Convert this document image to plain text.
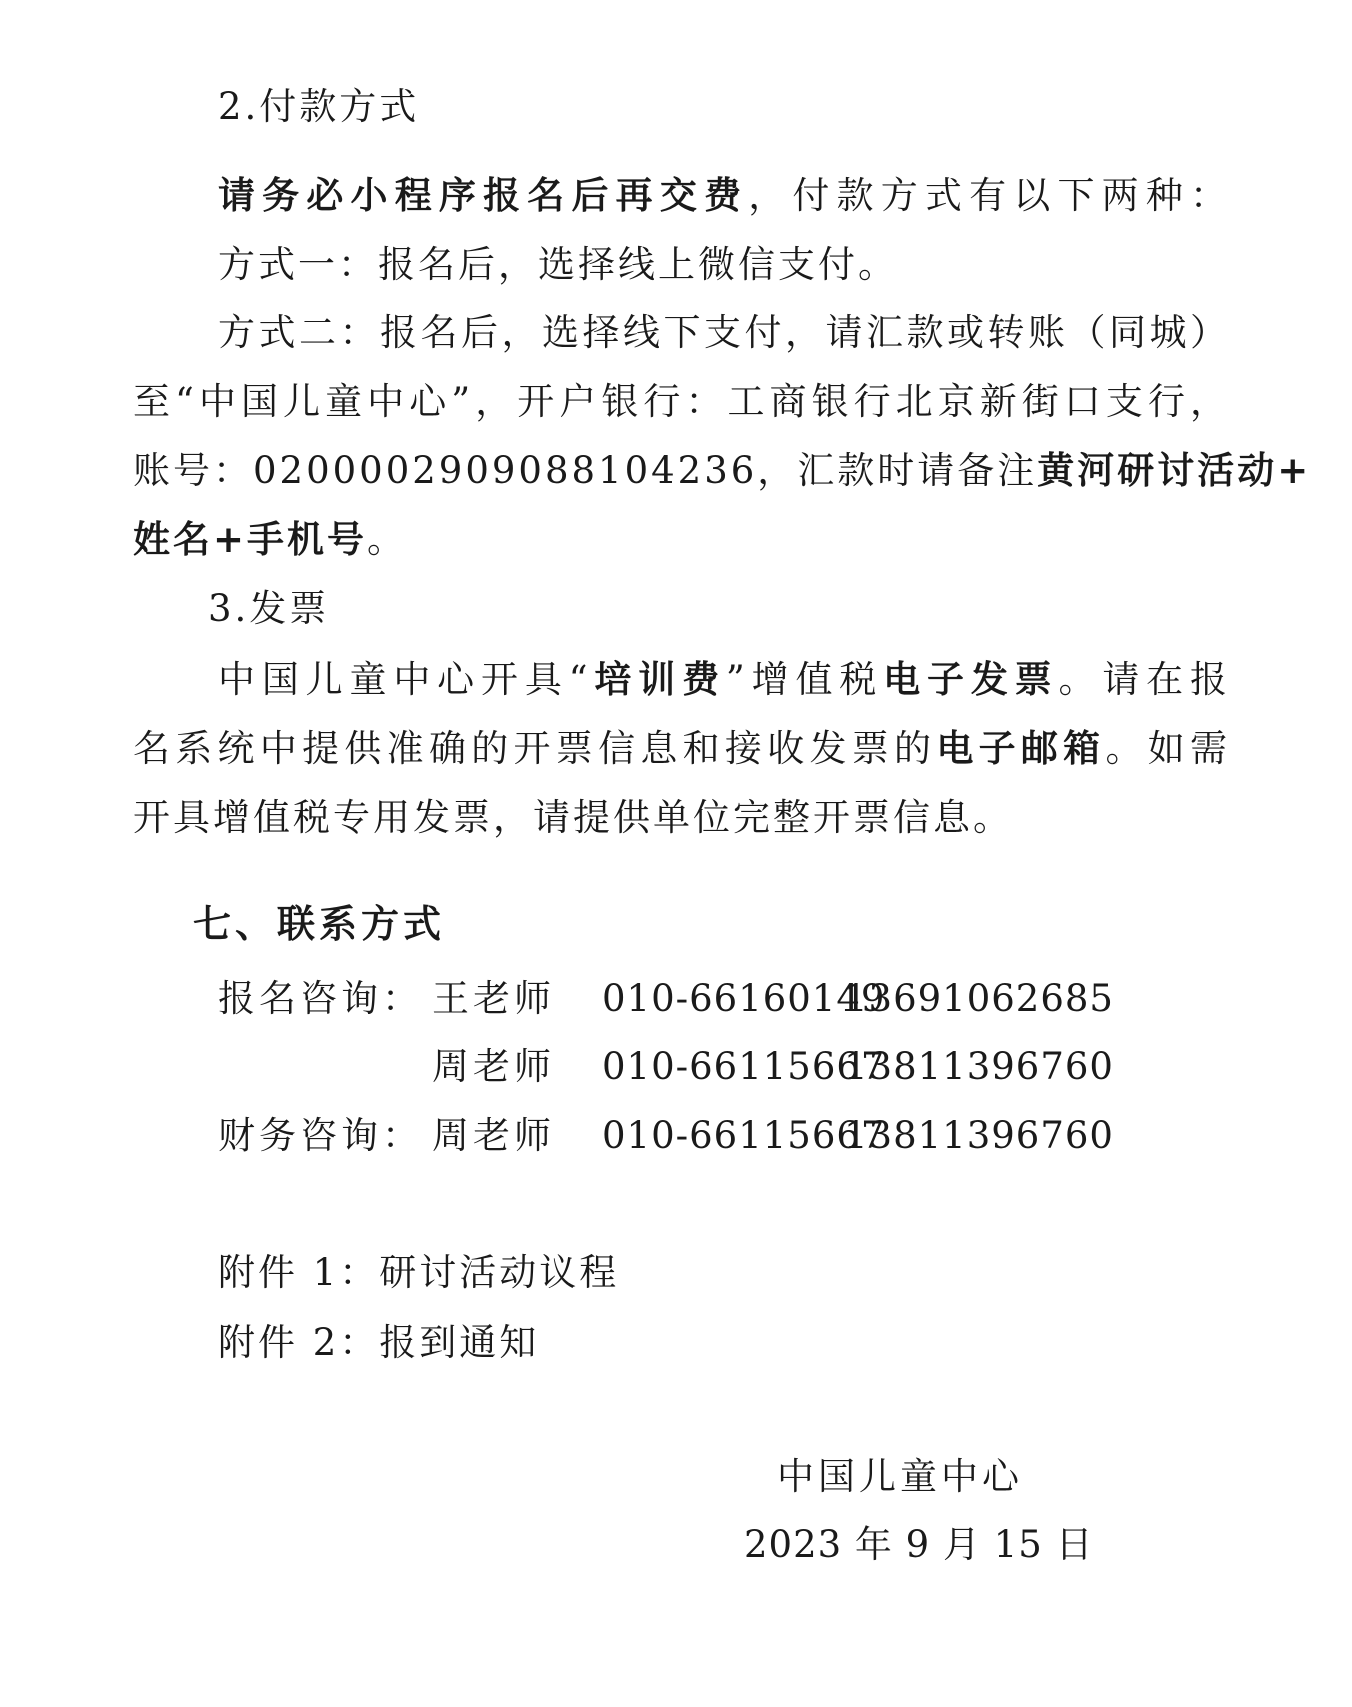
2.付款方式
请务必小程序报名后再交费，付款方式有以下两种：
方式一：报名后，选择线上微信支付。
方式二：报名后，选择线下支付，请汇款或转账（同城）
至“中国儿童中心”，开户银行：工商银行北京新街口支行，
账号：0200002909088104236，汇款时请备注黄河研讨活动+
姓名+手机号。
3.发票
中国儿童中心开具“培训费”增值税电子发票。请在报
名系统中提供准确的开票信息和接收发票的电子邮箱。如需
开具增值税专用发票，请提供单位完整开票信息。
七、联系方式
报名咨询： 王老师 010-66160149
13691062685
周老师 010-66115667
13811396760
财务咨询： 周老师 010-66115667
13811396760
附件 1：研讨活动议程
附件 2：报到通知
中国儿童中心
2023 年 9 月 15 日
